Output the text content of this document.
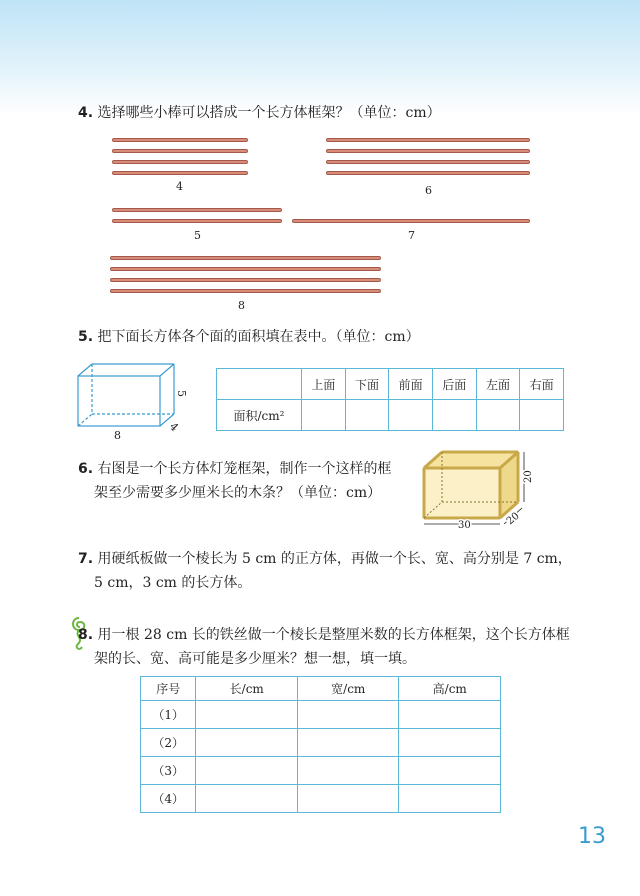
4. 选择哪些小棒可以搭成一个长方体框架？（单位：cm）
4	6
5	7
8
5. 把下面长方体各个面的面积填在表中。（单位：cm）
8
5
4
	上面	下面	前面	后面	左面	右面
面积/cm²						
6. 右图是一个长方体灯笼框架，制作一个这样的框
架至少需要多少厘米长的木条？（单位：cm）
30
20
20
7. 用硬纸板做一个棱长为 5 cm 的正方体，再做一个长、宽、高分别是 7 cm，
5 cm，3 cm 的长方体。
8. 用一根 28 cm 长的铁丝做一个棱长是整厘米数的长方体框架，这个长方体框
架的长、宽、高可能是多少厘米？想一想，填一填。
序号	长/cm	宽/cm	高/cm
（1）			
（2）			
（3）			
（4）			
13
